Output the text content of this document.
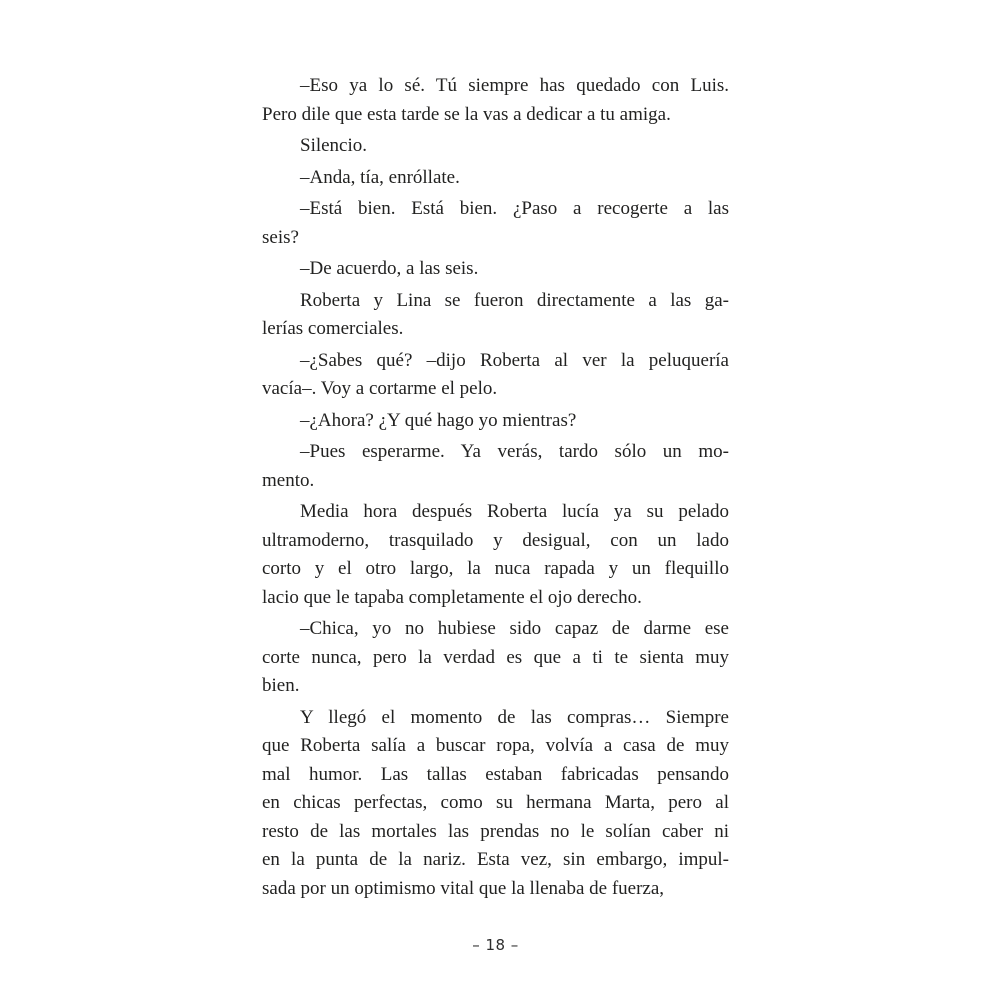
–Eso ya lo sé. Tú siempre has quedado con Luis.
Pero dile que esta tarde se la vas a dedicar a tu amiga.
Silencio.
–Anda, tía, enróllate.
–Está bien. Está bien. ¿Paso a recogerte a las
seis?
–De acuerdo, a las seis.
Roberta y Lina se fueron directamente a las ga-
lerías comerciales.
–¿Sabes qué? –dijo Roberta al ver la peluquería
vacía–. Voy a cortarme el pelo.
–¿Ahora? ¿Y qué hago yo mientras?
–Pues esperarme. Ya verás, tardo sólo un mo-
mento.
Media hora después Roberta lucía ya su pelado
ultramoderno, trasquilado y desigual, con un lado
corto y el otro largo, la nuca rapada y un flequillo
lacio que le tapaba completamente el ojo derecho.
–Chica, yo no hubiese sido capaz de darme ese
corte nunca, pero la verdad es que a ti te sienta muy
bien.
Y llegó el momento de las compras… Siempre
que Roberta salía a buscar ropa, volvía a casa de muy
mal humor. Las tallas estaban fabricadas pensando
en chicas perfectas, como su hermana Marta, pero al
resto de las mortales las prendas no le solían caber ni
en la punta de la nariz. Esta vez, sin embargo, impul-
sada por un optimismo vital que la llenaba de fuerza,
– 18 –
